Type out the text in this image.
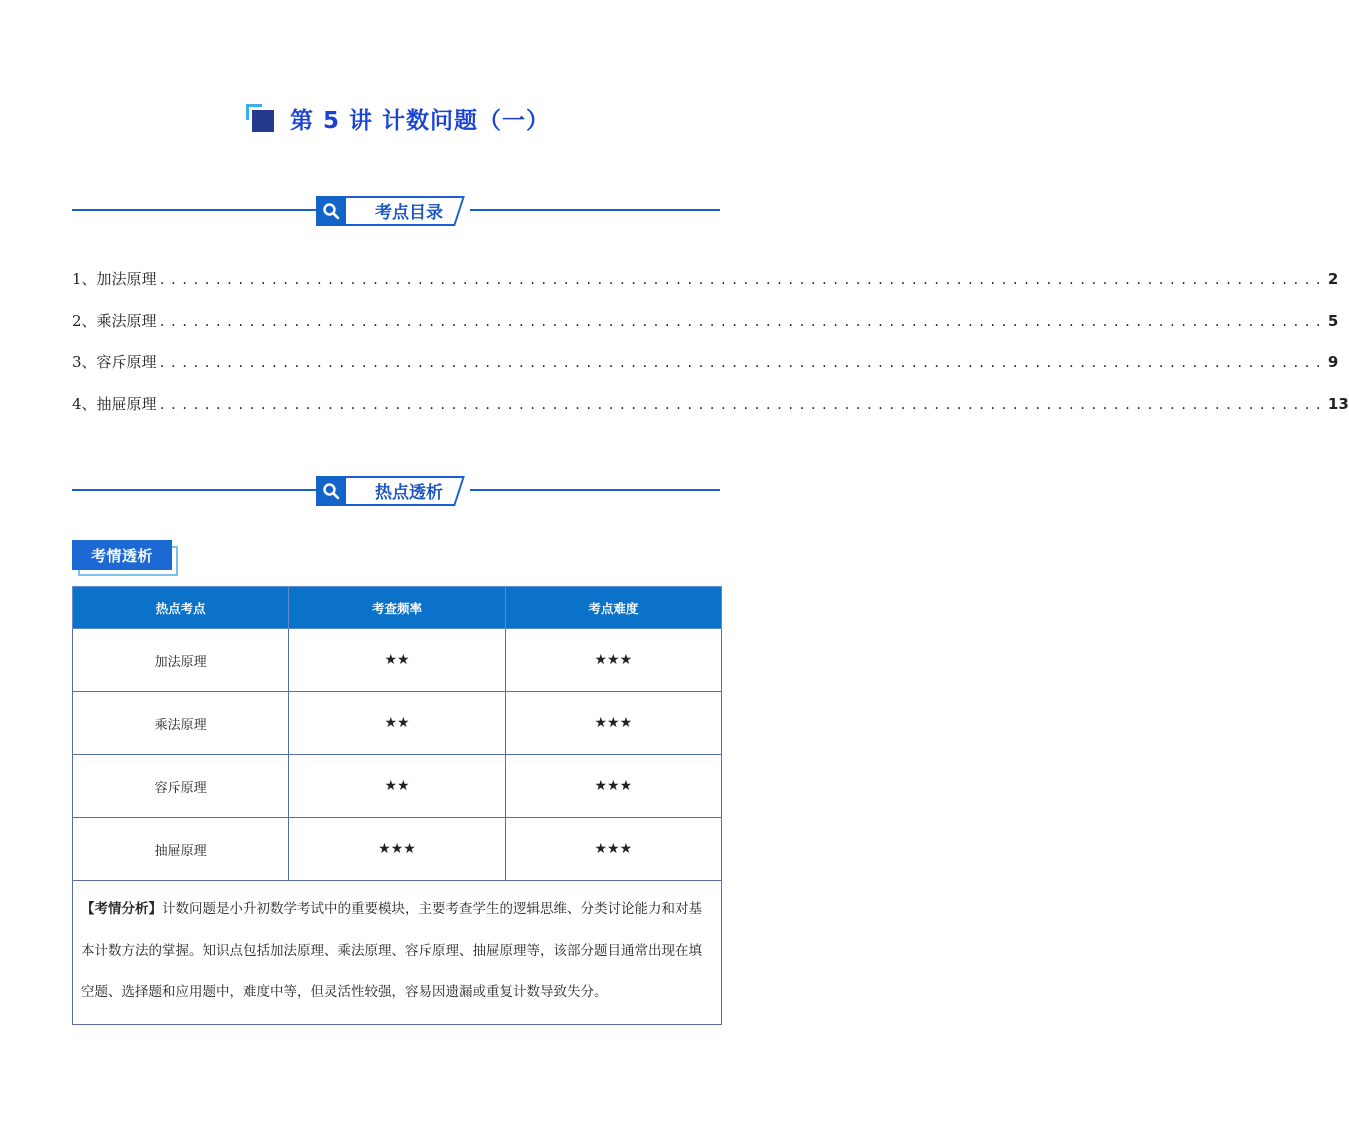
第 5 讲 计数问题（一）
考点目录
1、加法原理 ........................................................................................................ 2
2、乘法原理 ........................................................................................................ 5
3、容斥原理 ........................................................................................................ 9
4、抽屉原理 ........................................................................................................ 13
热点透析
考情透析
热点考点	考查频率	考点难度
加法原理	★★	★★★
乘法原理	★★	★★★
容斥原理	★★	★★★
抽屉原理	★★★	★★★
【考情分析】计数问题是小升初数学考试中的重要模块，主要考查学生的逻辑思维、分类讨论能力和对基本计数方法的掌握。知识点包括加法原理、乘法原理、容斥原理、抽屉原理等，该部分题目通常出现在填空题、选择题和应用题中，难度中等，但灵活性较强，容易因遗漏或重复计数导致失分。
